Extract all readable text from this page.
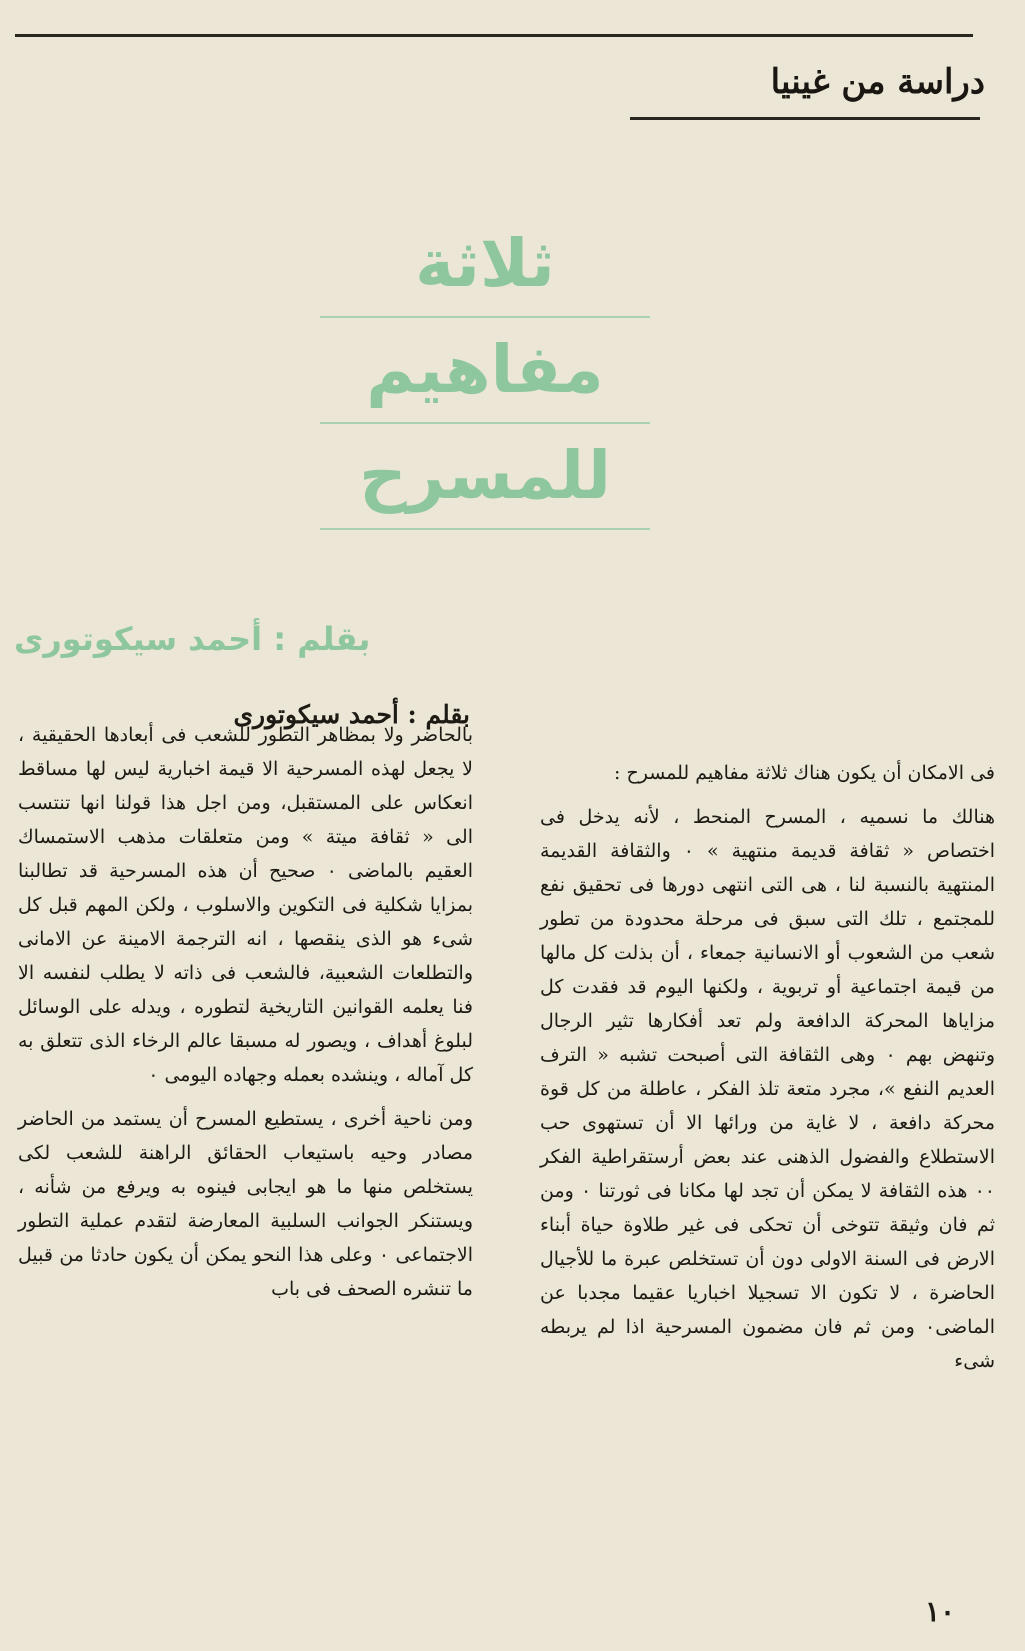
دراسة من غينيا
ثلاثة
مفاهيم
للمسرح
بقلم : أحمد سيكوتورى
بقلم : أحمد سيكوتورى

فى الامكان أن يكون هناك ثلاثة مفاهيم للمسرح :

هنالك ما نسميه ، المسرح المنحط ، لأنه يدخل فى اختصاص « ثقافة قديمة منتهية » ٠ والثقافة القديمة المنتهية بالنسبة لنا ، هى التى انتهى دورها فى تحقيق نفع للمجتمع ، تلك التى سبق فى مرحلة محدودة من تطور شعب من الشعوب أو الانسانية جمعاء ، أن بذلت كل مالها من قيمة اجتماعية أو تربوية ، ولكنها اليوم قد فقدت كل مزاياها المحركة الدافعة ولم تعد أفكارها تثير الرجال وتنهض بهم ٠ وهى الثقافة التى أصبحت تشبه « الترف العديم النفع »، مجرد متعة تلذ الفكر ، عاطلة من كل قوة محركة دافعة ، لا غاية من ورائها الا أن تستهوى حب الاستطلاع والفضول الذهنى عند بعض أرستقراطية الفكر ٠٠ هذه الثقافة لا يمكن أن تجد لها مكانا فى ثورتنا ٠ ومن ثم فان وثيقة تتوخى أن تحكى فى غير طلاوة حياة أبناء الارض فى السنة الاولى دون أن تستخلص عبرة ما للأجيال الحاضرة ، لا تكون الا تسجيلا اخباريا عقيما مجدبا عن الماضى٠ ومن ثم فان مضمون المسرحية اذا لم يربطه شىء

بالحاضر ولا بمظاهر التطور للشعب فى أبعادها الحقيقية ، لا يجعل لهذه المسرحية الا قيمة اخبارية ليس لها مساقط انعكاس على المستقبل، ومن اجل هذا قولنا انها تنتسب الى « ثقافة ميتة » ومن متعلقات مذهب الاستمساك العقيم بالماضى ٠ صحيح أن هذه المسرحية قد تطالبنا بمزايا شكلية فى التكوين والاسلوب ، ولكن المهم قبل كل شىء هو الذى ينقصها ، انه الترجمة الامينة عن الامانى والتطلعات الشعبية، فالشعب فى ذاته لا يطلب لنفسه الا فنا يعلمه القوانين التاريخية لتطوره ، ويدله على الوسائل لبلوغ أهداف ، ويصور له مسبقا عالم الرخاء الذى تتعلق به كل آماله ، وينشده بعمله وجهاده اليومى ٠

ومن ناحية أخرى ، يستطيع المسرح أن يستمد من الحاضر مصادر وحيه باستيعاب الحقائق الراهنة للشعب لكى يستخلص منها ما هو ايجابى فينوه به ويرفع من شأنه ، ويستنكر الجوانب السلبية المعارضة لتقدم عملية التطور الاجتماعى ٠ وعلى هذا النحو يمكن أن يكون حادثا من قبيل ما تنشره الصحف فى باب

١٠
